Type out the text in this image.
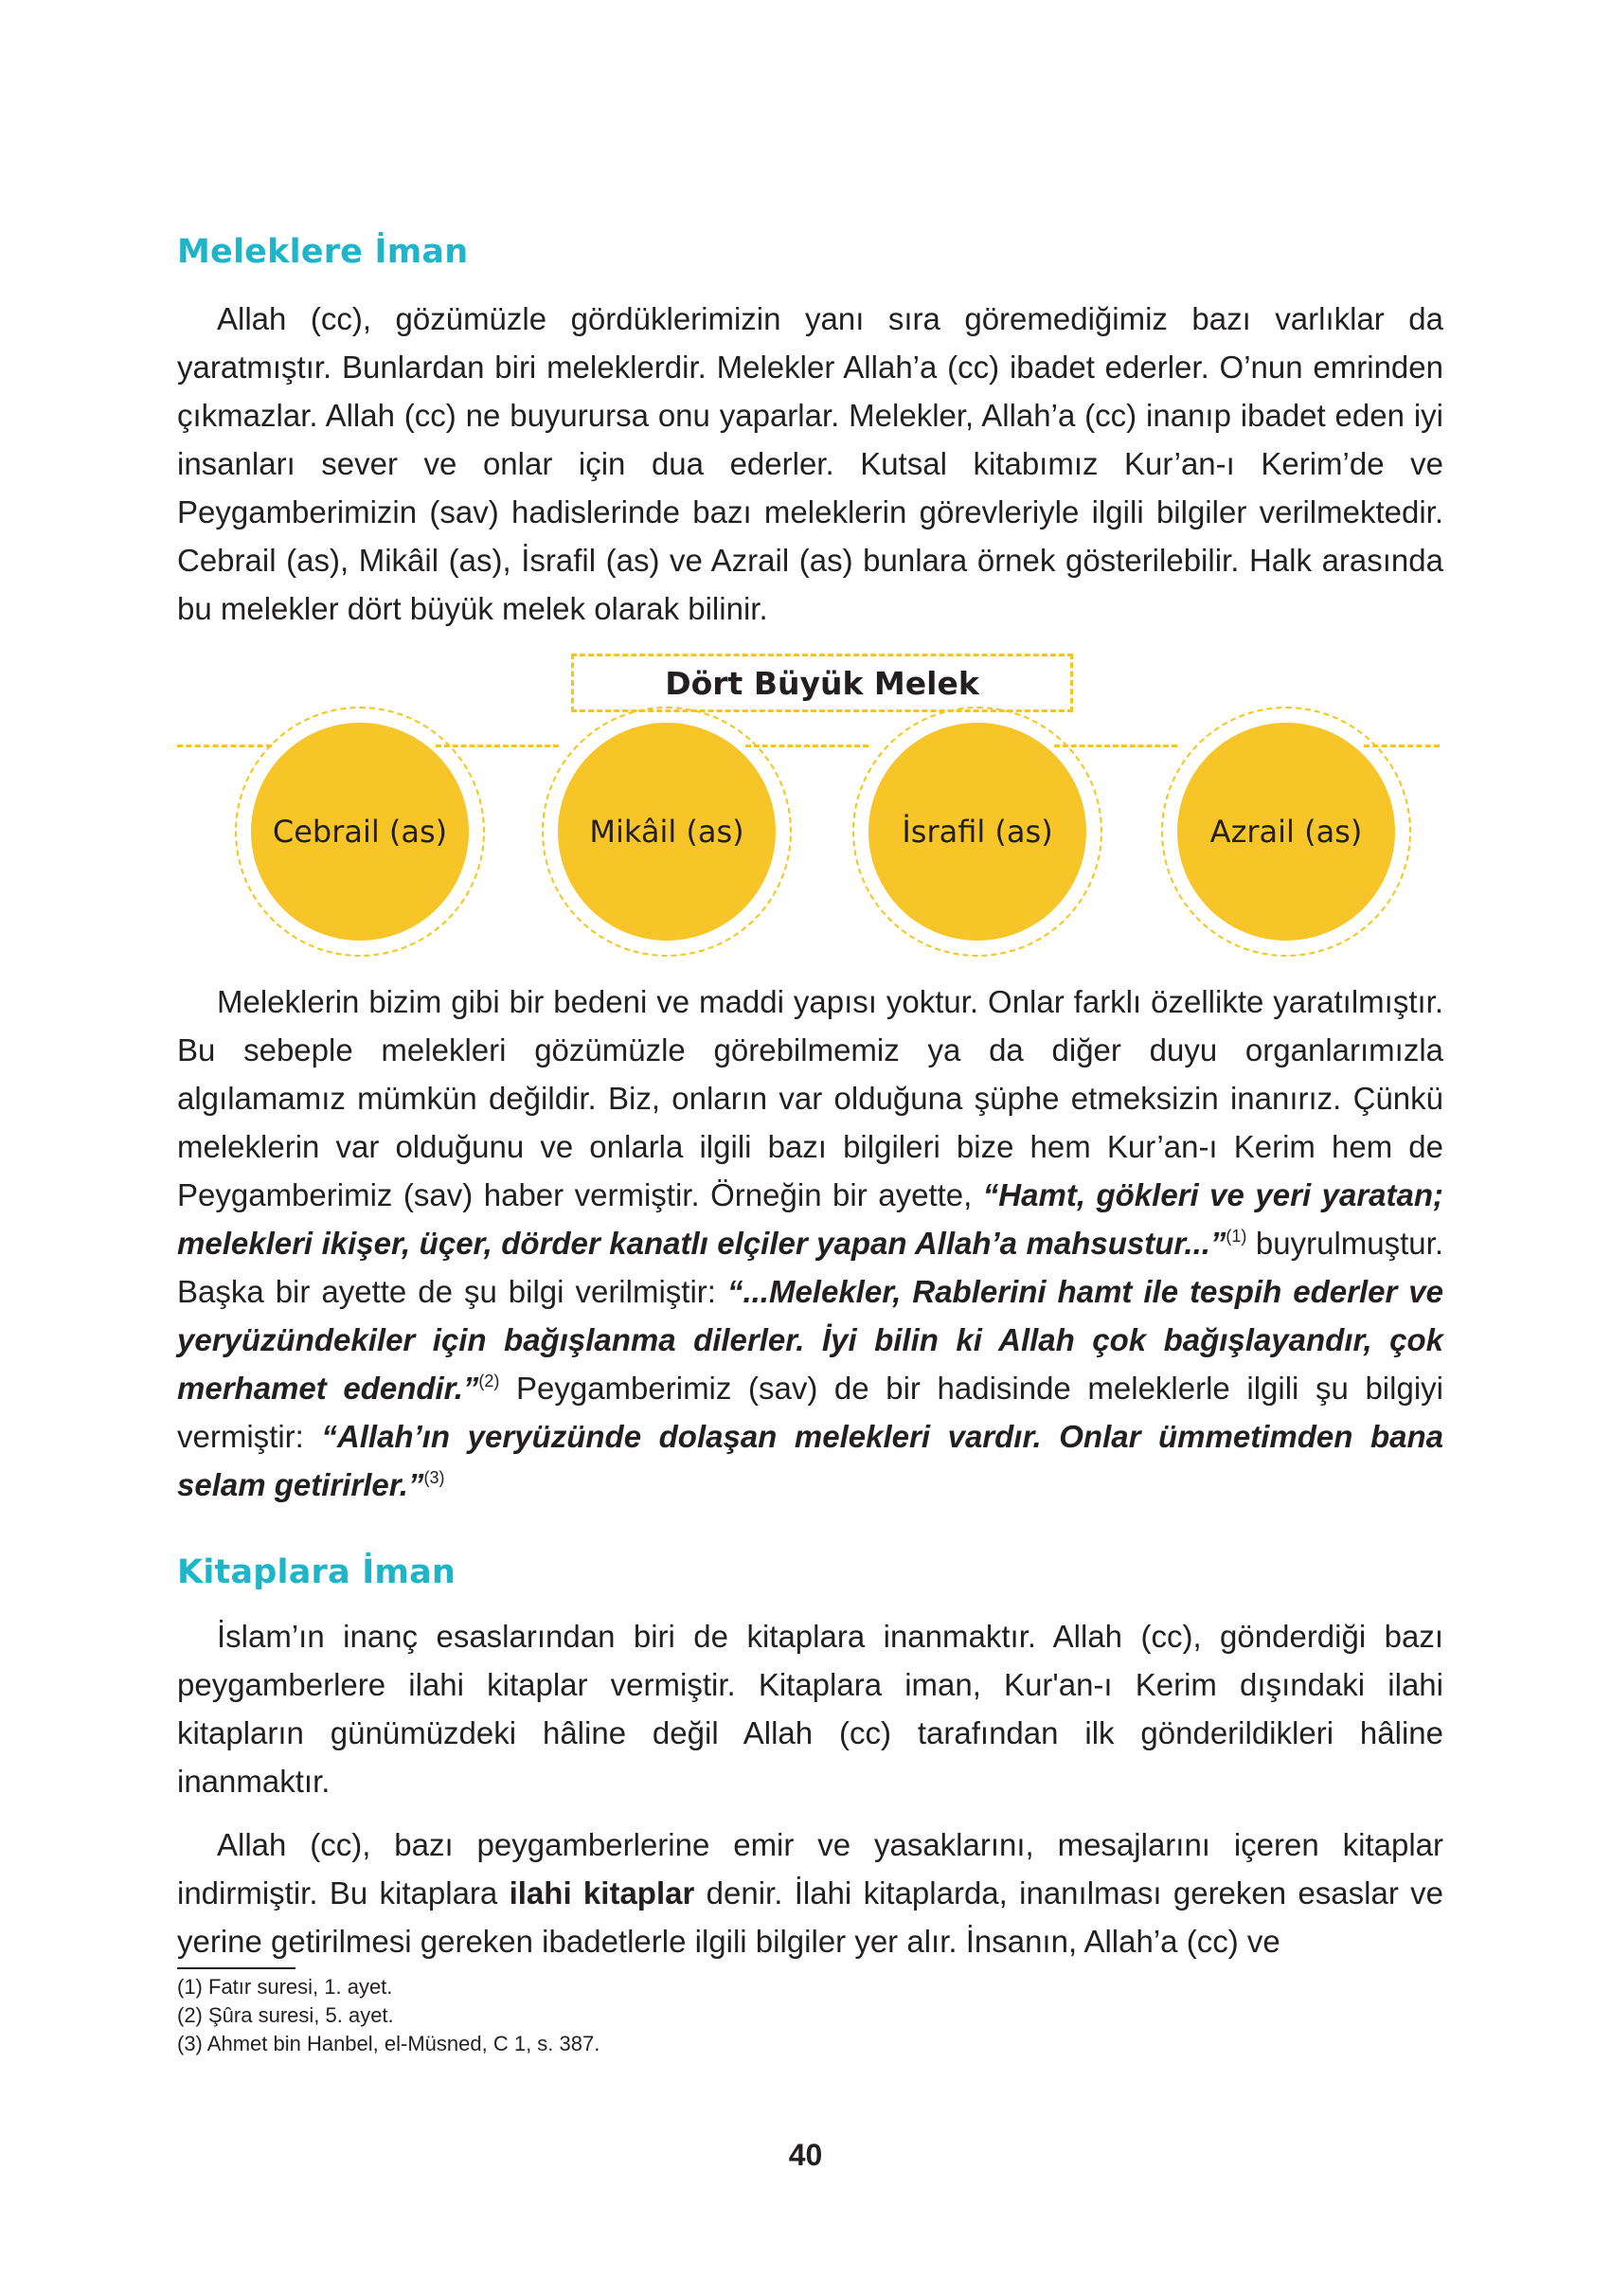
Meleklere İman

Allah (cc), gözümüzle gördüklerimizin yanı sıra göremediğimiz bazı varlıklar da yaratmıştır. Bunlardan biri meleklerdir. Melekler Allah’a (cc) ibadet ederler. O’nun emrinden çıkmazlar. Allah (cc) ne buyurursa onu yaparlar. Melekler, Allah’a (cc) inanıp ibadet eden iyi insanları sever ve onlar için dua ederler. Kutsal kitabımız Kur’an-ı Kerim’de ve Peygamberimizin (sav) hadislerinde bazı meleklerin görevleriyle ilgili bilgiler verilmektedir. Cebrail (as), Mikâil (as), İsrafil (as) ve Azrail (as) bunlara örnek gösterilebilir. Halk arasında bu melekler dört büyük melek olarak bilinir.

Meleklerin bizim gibi bir bedeni ve maddi yapısı yoktur. Onlar farklı özellikte yaratılmıştır. Bu sebeple melekleri gözümüzle görebilmemiz ya da diğer duyu organlarımızla algılamamız mümkün değildir. Biz, onların var olduğuna şüphe etmeksizin inanırız. Çünkü meleklerin var olduğunu ve onlarla ilgili bazı bilgileri bize hem Kur’an-ı Kerim hem de Peygamberimiz (sav) haber vermiştir. Örneğin bir ayette, “Hamt, gökleri ve yeri yaratan; melekleri ikişer, üçer, dörder kanatlı elçiler yapan Allah’a mahsustur...”$^{(1)}$ buyrulmuştur. Başka bir ayette de şu bilgi verilmiştir: “...Melekler, Rablerini hamt ile tespih ederler ve yeryüzündekiler için bağışlanma dilerler. İyi bilin ki Allah çok bağışlayandır, çok merhamet edendir.”$^{(2)}$ Peygamberimiz (sav) de bir hadisinde meleklerle ilgili şu bilgiyi vermiştir: “Allah’ın yeryüzünde dolaşan melekleri vardır. Onlar ümmetimden bana selam getirirler.”$^{(3)}$

Kitaplara İman

İslam’ın inanç esaslarından biri de kitaplara inanmaktır. Allah (cc), gönderdiği bazı peygamberlere ilahi kitaplar vermiştir. Kitaplara iman, Kur'an-ı Kerim dışındaki ilahi kitapların günümüzdeki hâline değil Allah (cc) tarafından ilk gönderildikleri hâline inanmaktır.

Allah (cc), bazı peygamberlerine emir ve yasaklarını, mesajlarını içeren kitaplar indirmiştir. Bu kitaplara ilahi kitaplar denir. İlahi kitaplarda, inanılması gereken esaslar ve yerine getirilmesi gereken ibadetlerle ilgili bilgiler yer alır. İnsanın, Allah’a (cc) ve

Dört Büyük Melek
Cebrail (as)	Mikâil (as)	İsrafil (as)	Azrail (as)
(1) Fatır suresi, 1. ayet.
(2) Şûra suresi, 5. ayet.
(3) Ahmet bin Hanbel, el-Müsned, C 1, s. 387.
40
